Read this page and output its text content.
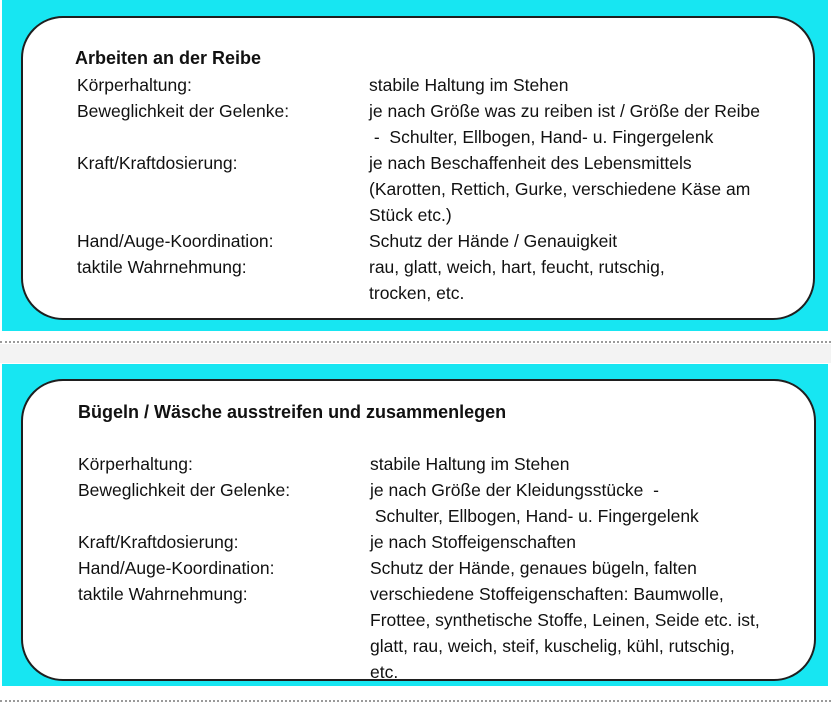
Arbeiten an der Reibe
Körperhaltung:	stabile Haltung im Stehen
Beweglichkeit der Gelenke:	je nach Größe was zu reiben ist / Größe der Reibe
-  Schulter, Ellbogen, Hand- u. Fingergelenk
Kraft/Kraftdosierung:	je nach Beschaffenheit des Lebensmittels
(Karotten, Rettich, Gurke, verschiedene Käse am
Stück etc.)
Hand/Auge-Koordination:	Schutz der Hände / Genauigkeit
taktile Wahrnehmung:	rau, glatt, weich, hart, feucht, rutschig,
trocken, etc.
Bügeln / Wäsche ausstreifen und zusammenlegen
Körperhaltung:	stabile Haltung im Stehen
Beweglichkeit der Gelenke:	je nach Größe der Kleidungsstücke  -
Schulter, Ellbogen, Hand- u. Fingergelenk
Kraft/Kraftdosierung:	je nach Stoffeigenschaften
Hand/Auge-Koordination:	Schutz der Hände, genaues bügeln, falten
taktile Wahrnehmung:	verschiedene Stoffeigenschaften: Baumwolle,
Frottee, synthetische Stoffe, Leinen, Seide etc. ist,
glatt, rau, weich, steif, kuschelig, kühl, rutschig,
etc.
